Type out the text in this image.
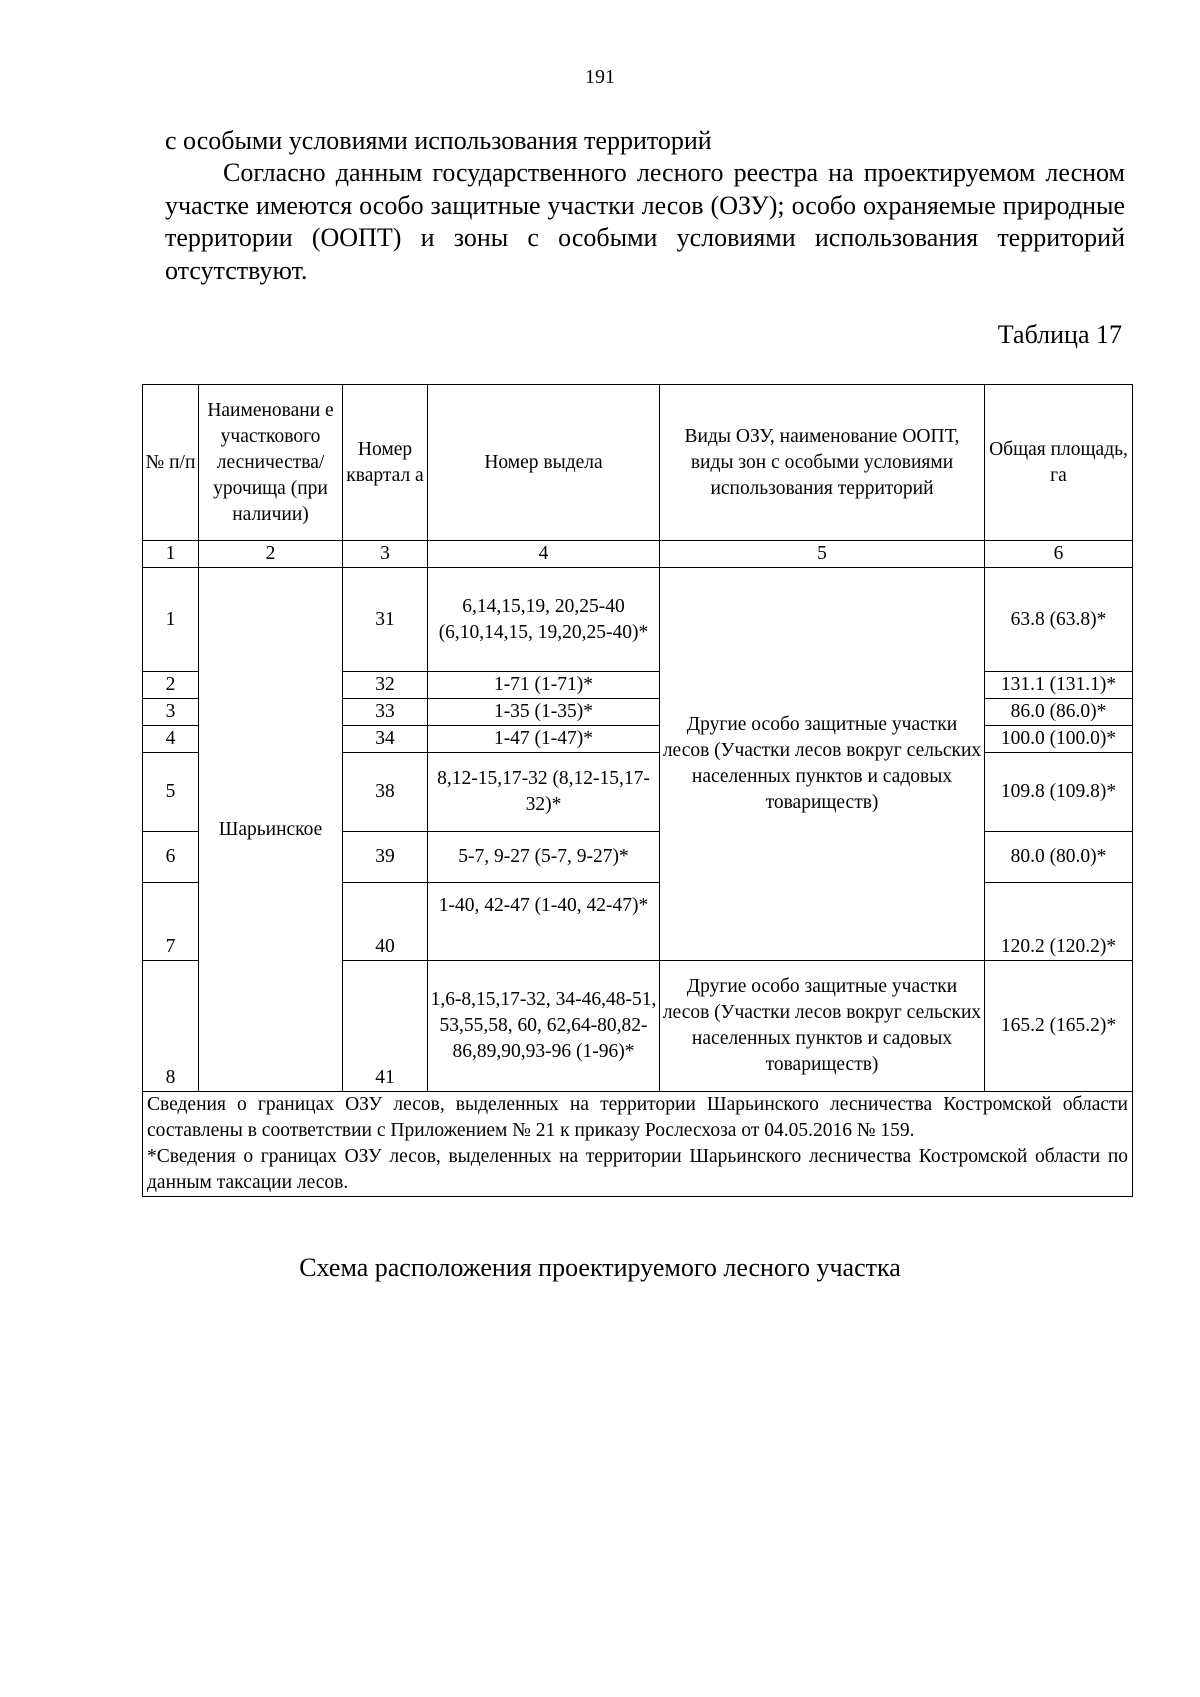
191
с особыми условиями использования территорий
Согласно данным государственного лесного реестра на проектируемом лесном участке имеются особо защитные участки лесов (ОЗУ); особо охраняемые природные территории (ООПТ) и зоны с особыми условиями использования территорий отсутствуют.
Таблица 17
№ п/п	Наименовани е участкового лесничества/ урочища (при наличии)	Номер квартал а	Номер выдела	Виды ОЗУ, наименование ООПТ, виды зон с особыми условиями использования территорий	Общая площадь, га
1	2	3	4	5	6
1	Шарьинское	31	6,14,15,19, 20,25-40 (6,10,14,15, 19,20,25-40)*	Другие особо защитные участки лесов (Участки лесов вокруг сельских населенных пунктов и садовых товариществ)	63.8 (63.8)*
2		32	1-71 (1-71)*		131.1 (131.1)*
3		33	1-35 (1-35)*		86.0 (86.0)*
4		34	1-47 (1-47)*		100.0 (100.0)*
5		38	8,12-15,17-32 (8,12-15,17- 32)*		109.8 (109.8)*
6		39	5-7, 9-27 (5-7, 9-27)*		80.0 (80.0)*
7		40	1-40, 42-47 (1-40, 42-47)*		120.2 (120.2)*
8		41	1,6-8,15,17-32, 34-46,48-51, 53,55,58, 60, 62,64-80,82-86,89,90,93-96 (1-96)*	Другие особо защитные участки лесов (Участки лесов вокруг сельских населенных пунктов и садовых товариществ)	165.2 (165.2)*

Сведения о границах ОЗУ лесов, выделенных на территории Шарьинского лесничества Костромской области составлены в соответствии с Приложением № 21 к приказу Рослесхоза от 04.05.2016 № 159.

*Сведения о границах ОЗУ лесов, выделенных на территории Шарьинского лесничества Костромской области по данным таксации лесов.					

Схема расположения проектируемого лесного участка
